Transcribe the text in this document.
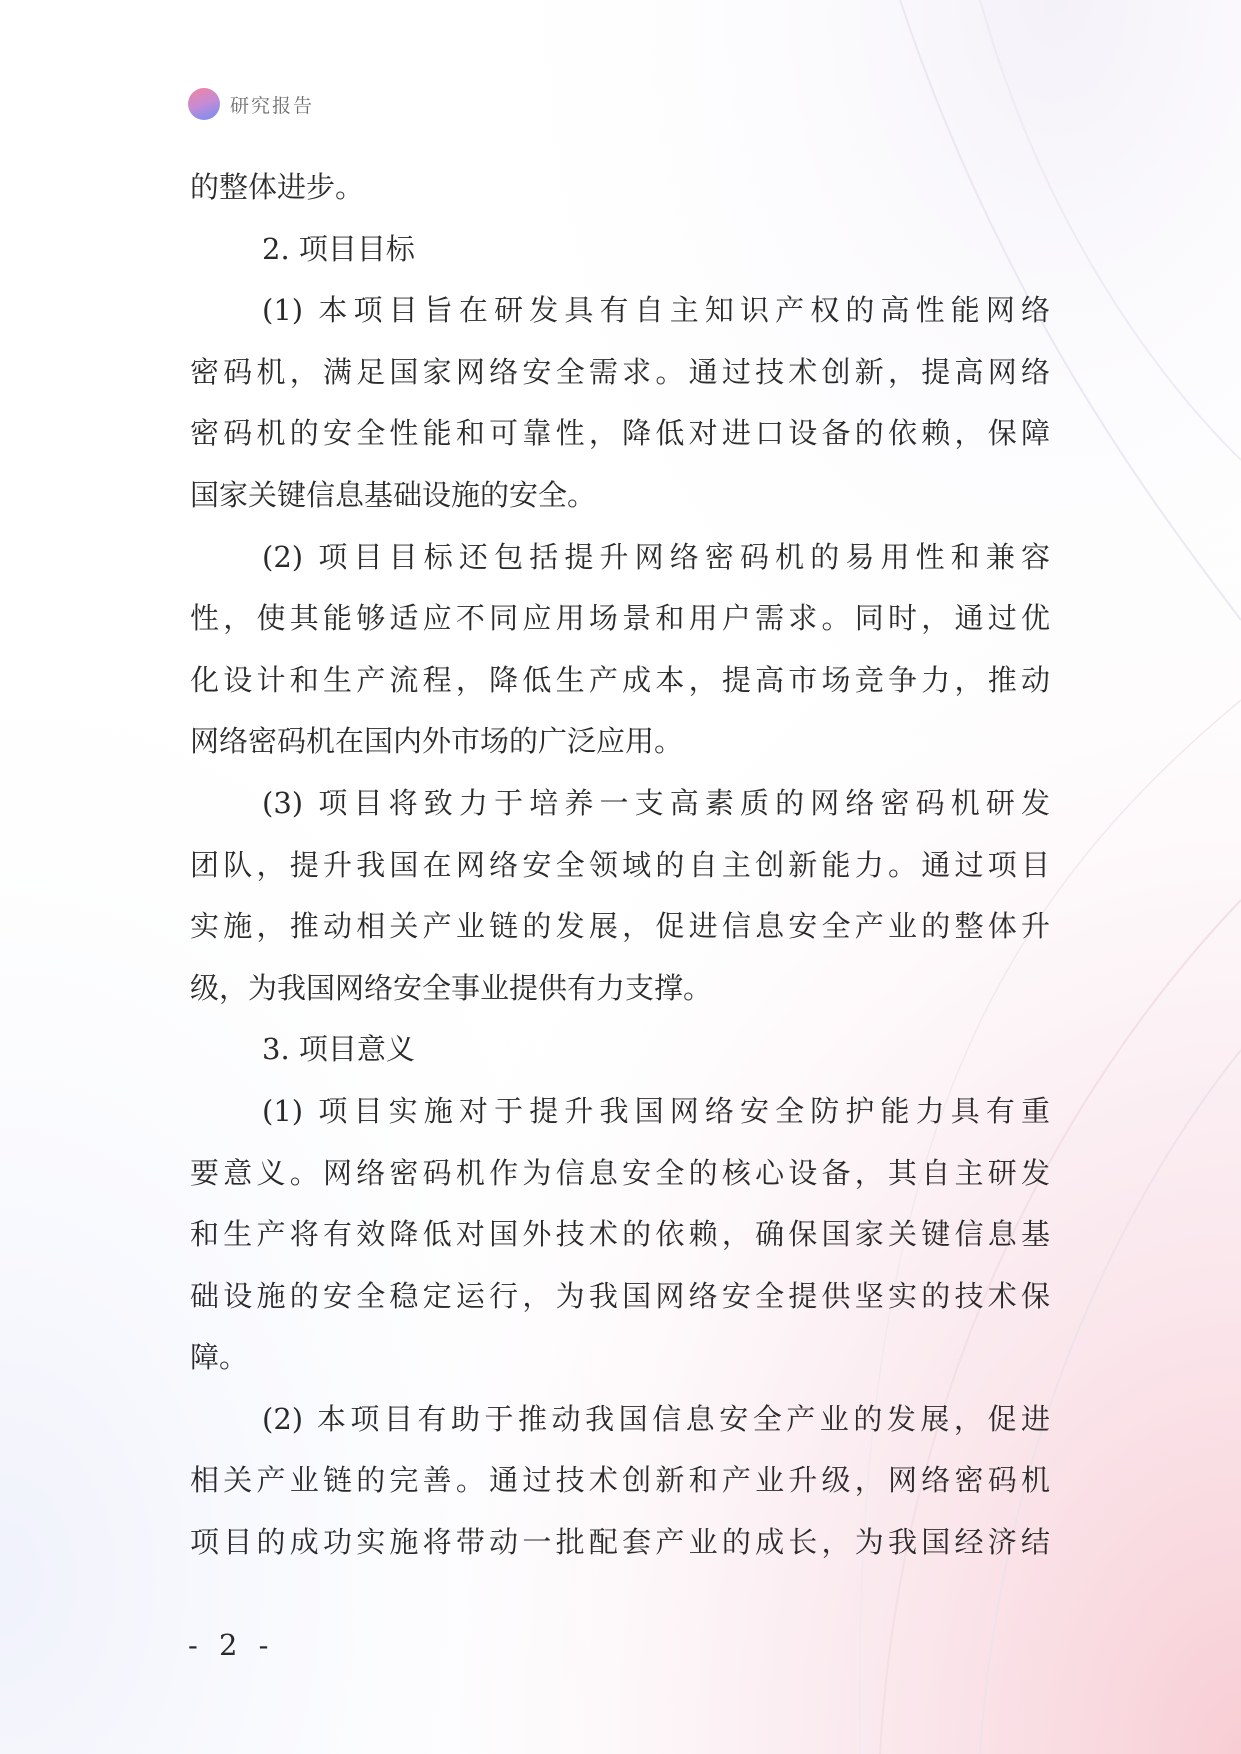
研究报告
的整体进步。
2. 项目目标
(1) 本项目旨在研发具有自主知识产权的高性能网络
密码机，满足国家网络安全需求。通过技术创新，提高网络
密码机的安全性能和可靠性，降低对进口设备的依赖，保障
国家关键信息基础设施的安全。
(2) 项目目标还包括提升网络密码机的易用性和兼容
性，使其能够适应不同应用场景和用户需求。同时，通过优
化设计和生产流程，降低生产成本，提高市场竞争力，推动
网络密码机在国内外市场的广泛应用。
(3) 项目将致力于培养一支高素质的网络密码机研发
团队，提升我国在网络安全领域的自主创新能力。通过项目
实施，推动相关产业链的发展，促进信息安全产业的整体升
级，为我国网络安全事业提供有力支撑。
3. 项目意义
(1) 项目实施对于提升我国网络安全防护能力具有重
要意义。网络密码机作为信息安全的核心设备，其自主研发
和生产将有效降低对国外技术的依赖，确保国家关键信息基
础设施的安全稳定运行，为我国网络安全提供坚实的技术保
障。
(2) 本项目有助于推动我国信息安全产业的发展，促进
相关产业链的完善。通过技术创新和产业升级，网络密码机
项目的成功实施将带动一批配套产业的成长，为我国经济结
- 2 -
